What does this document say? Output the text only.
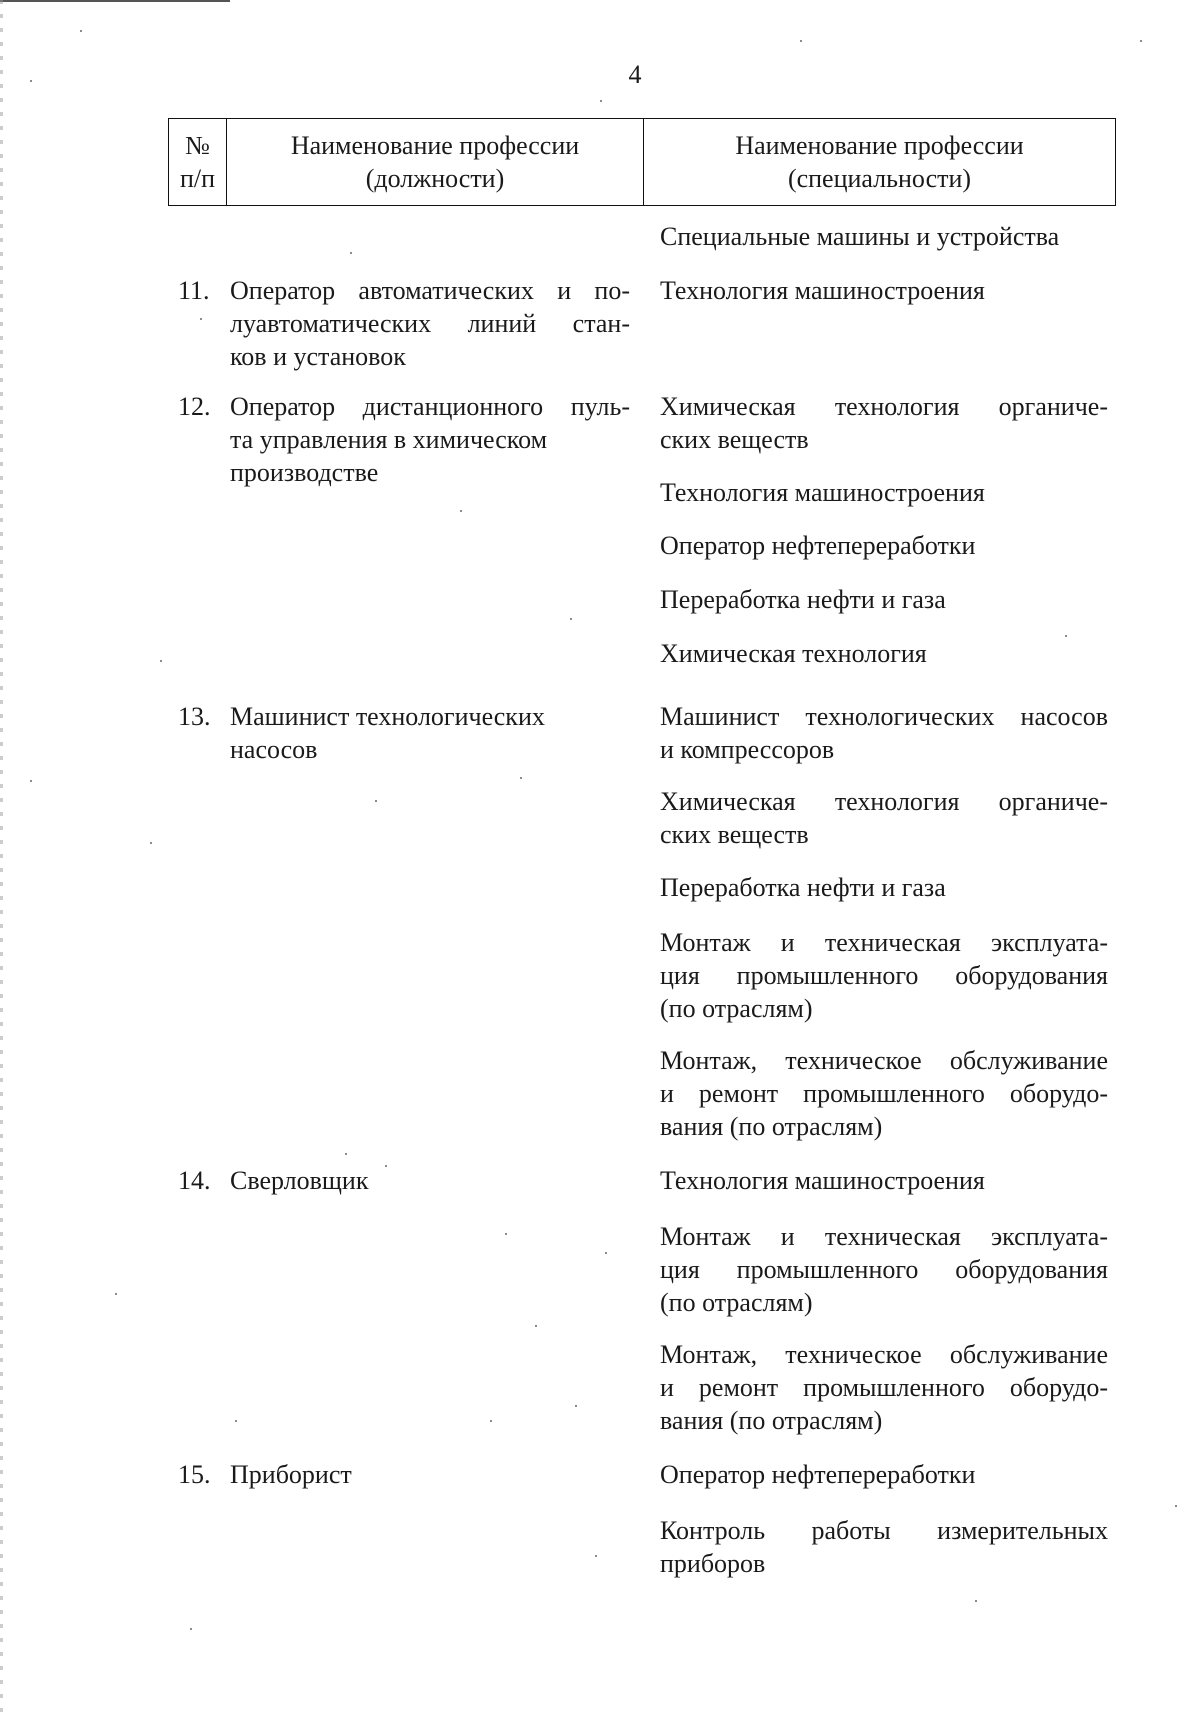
4
№
п/п
Наименование профессии
(должности)
Наименование профессии
(специальности)
Специальные машины и устройства
11. Оператор автоматических и по-
луавтоматических линий стан-
ков и установок
Технология машиностроения
12. Оператор дистанционного пуль-
та управления в химическом
производстве
Химическая технология органиче-
ских веществ
Технология машиностроения
Оператор нефтепереработки
Переработка нефти и газа
Химическая технология
13. Машинист технологических
насосов
Машинист технологических насосов
и компрессоров
Химическая технология органиче-
ских веществ
Переработка нефти и газа
Монтаж и техническая эксплуата-
ция промышленного оборудования
(по отраслям)
Монтаж, техническое обслуживание
и ремонт промышленного оборудо-
вания (по отраслям)
14. Сверловщик	Технология машиностроения
Монтаж и техническая эксплуата-
ция промышленного оборудования
(по отраслям)
Монтаж, техническое обслуживание
и ремонт промышленного оборудо-
вания (по отраслям)
15. Приборист	Оператор нефтепереработки
Контроль работы измерительных
приборов
